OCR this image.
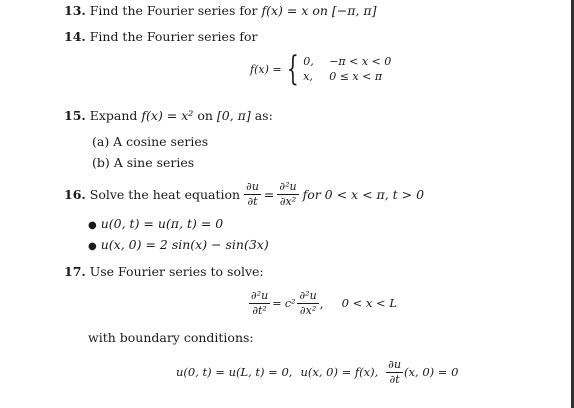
13. Find the Fourier series for f(x) = x on [−π, π]
14. Find the Fourier series for
f(x) = { 0, −π < x < 0
x, 0 ≤ x < π
15. Expand f(x) = x² on [0, π] as:
(a) A cosine series
(b) A sine series
16. Solve the heat equation $\frac{\partial u}{\partial t} = \frac{\text{∂²u}}{\text{∂x²}}$ for 0 < x < π, t > 0
● u(0, t) = u(π, t) = 0
● u(x, 0) = 2 sin(x) − sin(3x)
17. Use Fourier series to solve:
$\frac{\text{∂²u}}{\text{∂t²}} = c^2 \frac{\text{∂²u}}{\text{∂x²}}$ , 0 < x < L
with boundary conditions:
u(0, t) = u(L, t) = 0, u(x, 0) = f(x), $\frac{\partial u}{\partial t} (x$, 0) = 0
